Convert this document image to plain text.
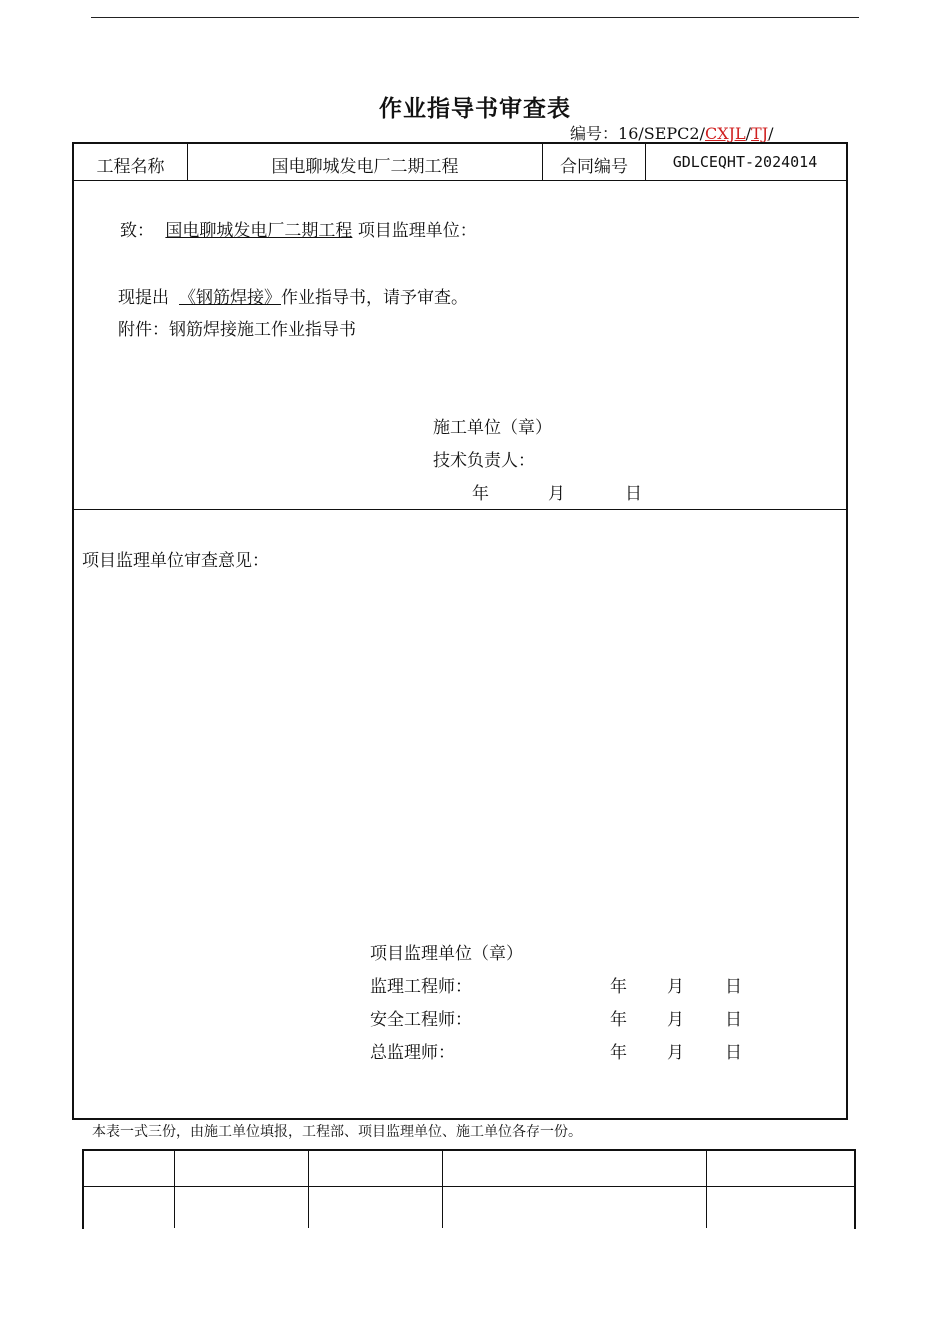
作业指导书审查表
编号：16/SEPC2/CXJL/TJ/
工程名称	国电聊城发电厂二期工程	合同编号	GDLCEQHT-2024014
致： 国电聊城发电厂二期工程 项目监理单位：
现提出 《钢筋焊接》作业指导书，请予审查。
附件：钢筋焊接施工作业指导书
施工单位（章）
技术负责人：
年	月	日
项目监理单位审查意见：
项目监理单位（章）
监理工程师：	年 月 日
安全工程师：	年 月 日
总监理师：	年 月 日
本表一式三份，由施工单位填报，工程部、项目监理单位、施工单位各存一份。
